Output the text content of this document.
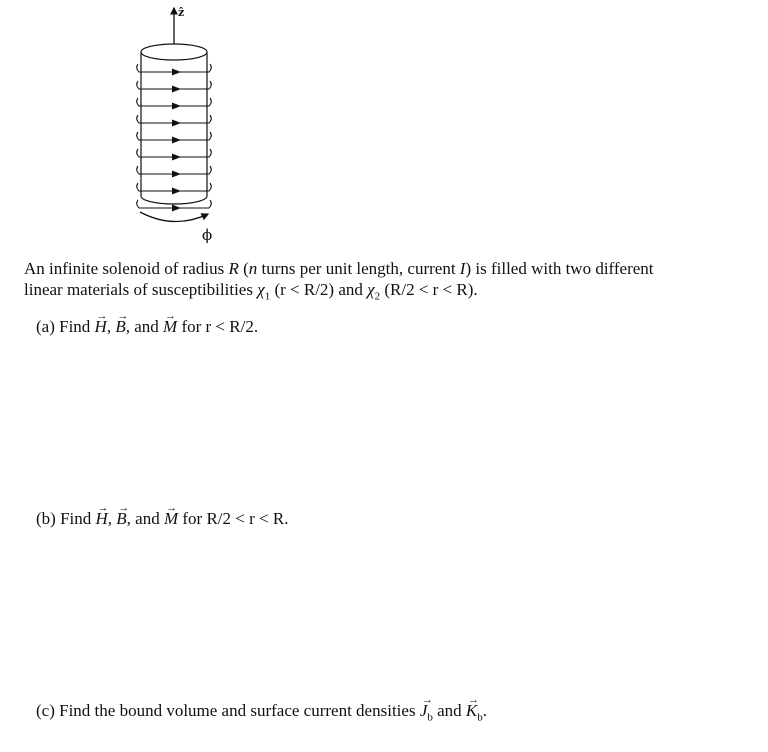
ẑ
ϕ
An infinite solenoid of radius R (n turns per unit length, current I) is filled with two different
linear materials of susceptibilities $\chi_1$ (r < R/2) and $\chi_2$ (R/2 < r < R).
(a) Find → H, → B, and → M for r < R/2.
(b) Find → H, → B, and → M for R/2 < r < R.
(c) Find the bound volume and surface current densities → $J_b$ and → $K_b$.
